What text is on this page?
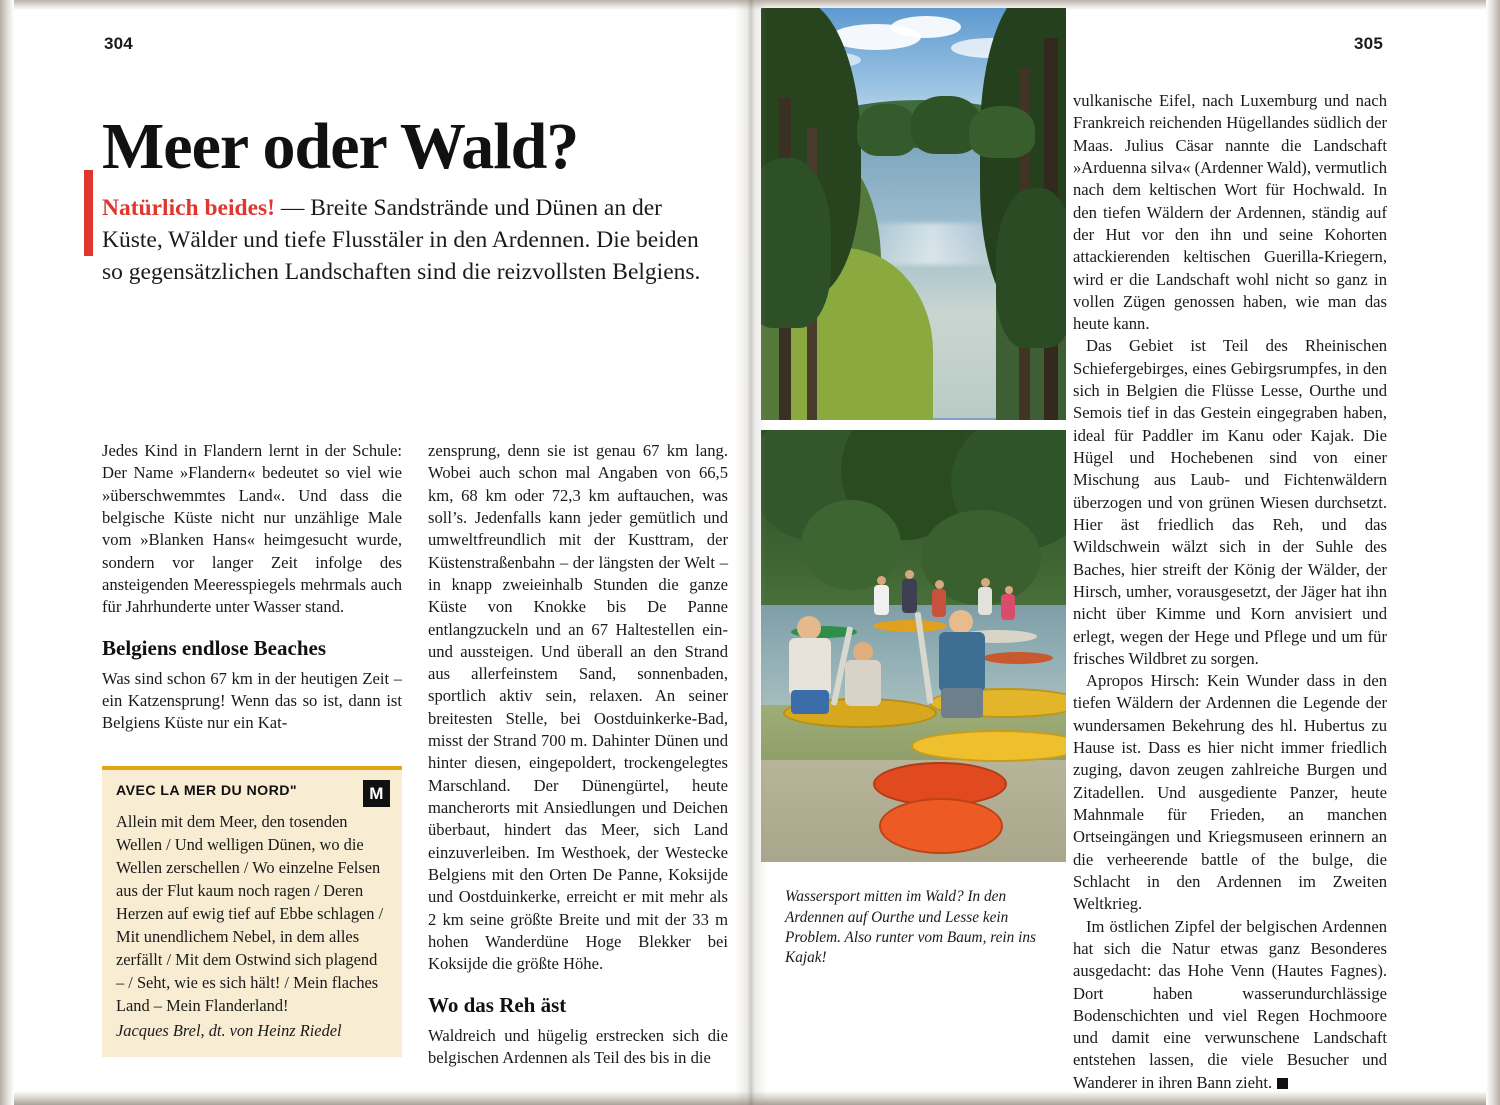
304
Meer oder Wald?

Natürlich beides! — Breite Sandstrände und Dünen an der Küste, Wälder und tiefe Flusstäler in den Ardennen. Die beiden so gegensätzlichen Landschaften sind die reizvollsten Belgiens.

Jedes Kind in Flandern lernt in der Schule: Der Name »Flandern« bedeutet so viel wie »überschwemmtes Land«. Und dass die belgische Küste nicht nur unzählige Male vom »Blanken Hans« heimgesucht wurde, sondern vor langer Zeit infolge des ansteigenden Meeresspiegels mehrmals auch für Jahrhunderte unter Wasser stand.

Belgiens endlose Beaches

Was sind schon 67 km in der heutigen Zeit – ein Katzensprung! Wenn das so ist, dann ist Belgiens Küste nur ein Kat-

zensprung, denn sie ist genau 67 km lang. Wobei auch schon mal Angaben von 66,5 km, 68 km oder 72,3 km auftauchen, was soll’s. Jedenfalls kann jeder gemütlich und umweltfreundlich mit der Kusttram, der Küstenstraßenbahn – der längsten der Welt – in knapp zweieinhalb Stunden die ganze Küste von Knokke bis De Panne entlangzuckeln und an 67 Haltestellen ein- und aussteigen. Und überall an den Strand aus allerfeinstem Sand, sonnenbaden, sportlich aktiv sein, relaxen. An seiner breitesten Stelle, bei Oostduinkerke-Bad, misst der Strand 700 m. Dahinter Dünen und hinter diesen, eingepoldert, trockengelegtes Marschland. Der Dünengürtel, heute mancherorts mit Ansiedlungen und Deichen überbaut, hindert das Meer, sich Land einzuverleiben. Im Westhoek, der Westecke Belgiens mit den Orten De Panne, Koksijde und Oostduinkerke, erreicht er mit mehr als 2 km seine größte Breite und mit der 33 m hohen Wanderdüne Hoge Blekker bei Koksijde die größte Höhe.

Wo das Reh äst

Waldreich und hügelig erstrecken sich die belgischen Ardennen als Teil des bis in die

AVEC LA MER DU NORD"	M
Allein mit dem Meer, den tosenden Wellen / Und welligen Dünen, wo die Wellen zerschellen / Wo einzelne Felsen aus der Flut kaum noch ragen / Deren Herzen auf ewig tief auf Ebbe schlagen / Mit unendlichem Nebel, in dem alles zerfällt / Mit dem Ostwind sich plagend – / Seht, wie es sich hält! / Mein flaches Land – Mein Flanderland!
Jacques Brel, dt. von Heinz Riedel
305

Wassersport mitten im Wald? In den Ardennen auf Ourthe und Lesse kein Problem. Also runter vom Baum, rein ins Kajak!

vulkanische Eifel, nach Luxemburg und nach Frankreich reichenden Hügellandes südlich der Maas. Julius Cäsar nannte die Landschaft »Arduenna silva« (Ardenner Wald), vermutlich nach dem keltischen Wort für Hochwald. In den tiefen Wäldern der Ardennen, ständig auf der Hut vor den ihn und seine Kohorten attackierenden keltischen Guerilla-Kriegern, wird er die Landschaft wohl nicht so ganz in vollen Zügen genossen haben, wie man das heute kann.

Das Gebiet ist Teil des Rheinischen Schiefergebirges, eines Gebirgsrumpfes, in den sich in Belgien die Flüsse Lesse, Ourthe und Semois tief in das Gestein eingegraben haben, ideal für Paddler im Kanu oder Kajak. Die Hügel und Hochebenen sind von einer Mischung aus Laub- und Fichtenwäldern überzogen und von grünen Wiesen durchsetzt. Hier äst friedlich das Reh, und das Wildschwein wälzt sich in der Suhle des Baches, hier streift der König der Wälder, der Hirsch, umher, vorausgesetzt, der Jäger hat ihn nicht über Kimme und Korn anvisiert und erlegt, wegen der Hege und Pflege und um für frisches Wildbret zu sorgen.

Apropos Hirsch: Kein Wunder dass in den tiefen Wäldern der Ardennen die Legende der wundersamen Bekehrung des hl. Hubertus zu Hause ist. Dass es hier nicht immer friedlich zuging, davon zeugen zahlreiche Burgen und Zitadellen. Und ausgediente Panzer, heute Mahnmale für Frieden, an manchen Ortseingängen und Kriegsmuseen erinnern an die verheerende battle of the bulge, die Schlacht in den Ardennen im Zweiten Weltkrieg.

Im östlichen Zipfel der belgischen Ardennen hat sich die Natur etwas ganz Besonderes ausgedacht: das Hohe Venn (Hautes Fagnes). Dort haben wasserundurchlässige Bodenschichten und viel Regen Hochmoore und damit eine verwunschene Landschaft entstehen lassen, die viele Besucher und Wanderer in ihren Bann zieht.
